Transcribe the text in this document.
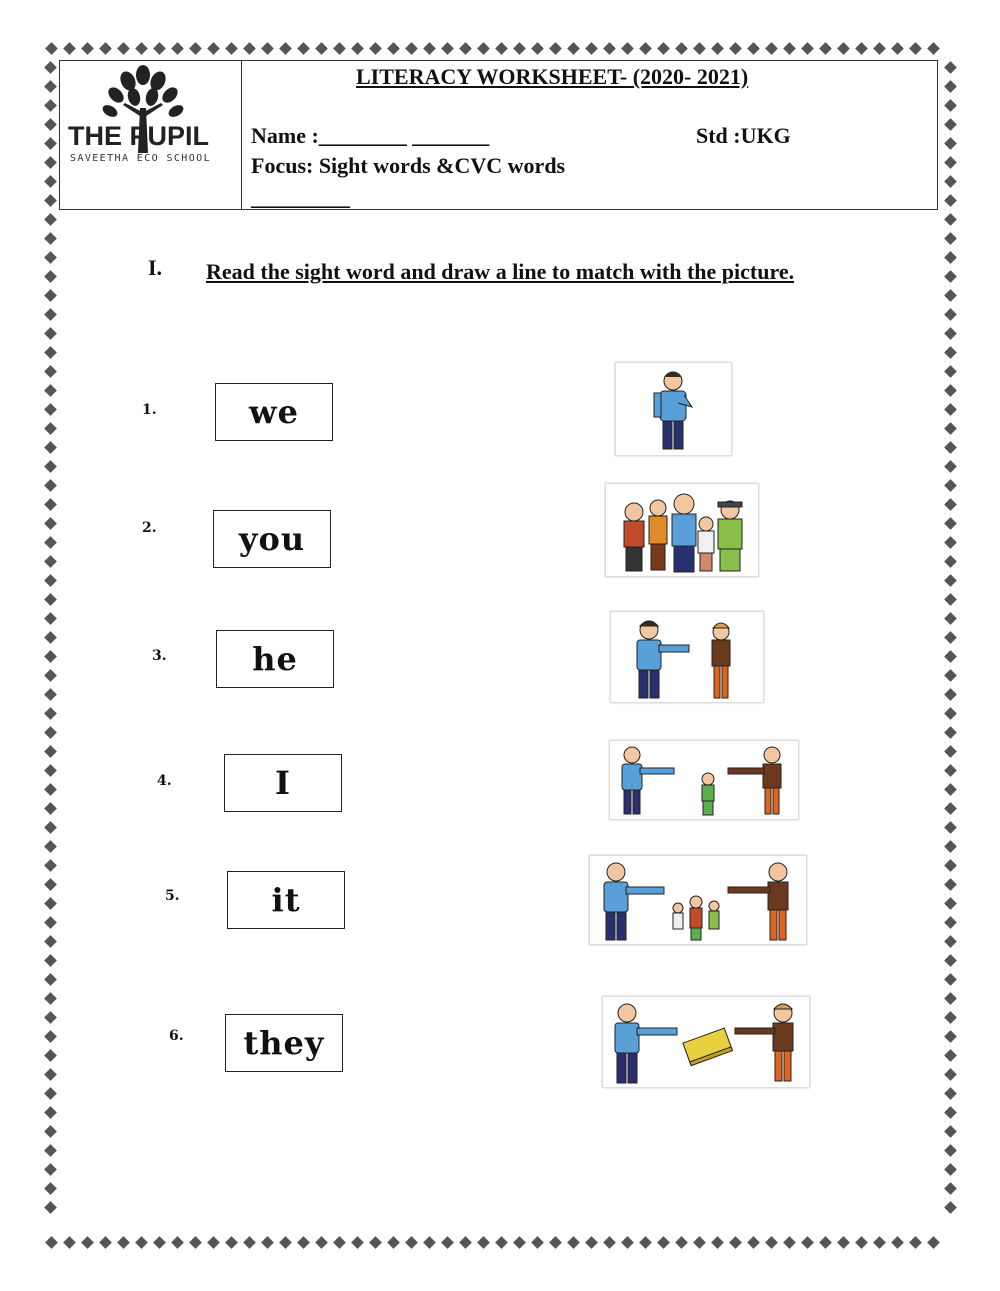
THE PUPIL
SAVEETHA ECO SCHOOL
LITERACY WORKSHEET- (2020- 2021)
Name :________ _______	Std :UKG
Focus: Sight words &CVC words
_________
I. Read the sight word and draw a line to match with the picture.
1.	we
2.	you
3.	he
4.	I
5.	it
6.	they
